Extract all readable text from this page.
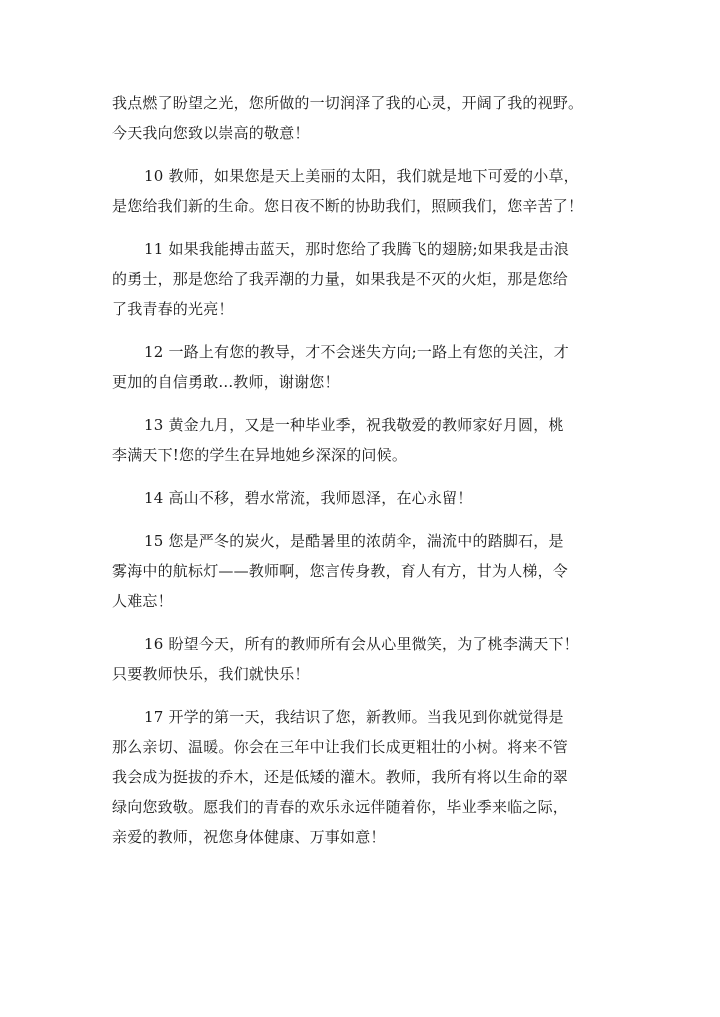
我点燃了盼望之光，您所做的一切润泽了我的心灵，开阔了我的视野。
今天我向您致以崇高的敬意！

10 教师，如果您是天上美丽的太阳，我们就是地下可爱的小草，
是您给我们新的生命。您日夜不断的协助我们，照顾我们，您辛苦了！

11 如果我能搏击蓝天，那时您给了我腾飞的翅膀;如果我是击浪
的勇士，那是您给了我弄潮的力量，如果我是不灭的火炬，那是您给
了我青春的光亮！

12 一路上有您的教导，才不会迷失方向;一路上有您的关注，才
更加的自信勇敢...教师，谢谢您！

13 黄金九月，又是一种毕业季，祝我敬爱的教师家好月圆，桃
李满天下!您的学生在异地她乡深深的问候。

14 高山不移，碧水常流，我师恩泽，在心永留！

15 您是严冬的炭火，是酷暑里的浓荫伞，湍流中的踏脚石，是
雾海中的航标灯——教师啊，您言传身教，育人有方，甘为人梯，令
人难忘！

16 盼望今天，所有的教师所有会从心里微笑，为了桃李满天下！
只要教师快乐，我们就快乐！

17 开学的第一天，我结识了您，新教师。当我见到你就觉得是
那么亲切、温暖。你会在三年中让我们长成更粗壮的小树。将来不管
我会成为挺拔的乔木，还是低矮的灌木。教师，我所有将以生命的翠
绿向您致敬。愿我们的青春的欢乐永远伴随着你，毕业季来临之际，
亲爱的教师，祝您身体健康、万事如意！
